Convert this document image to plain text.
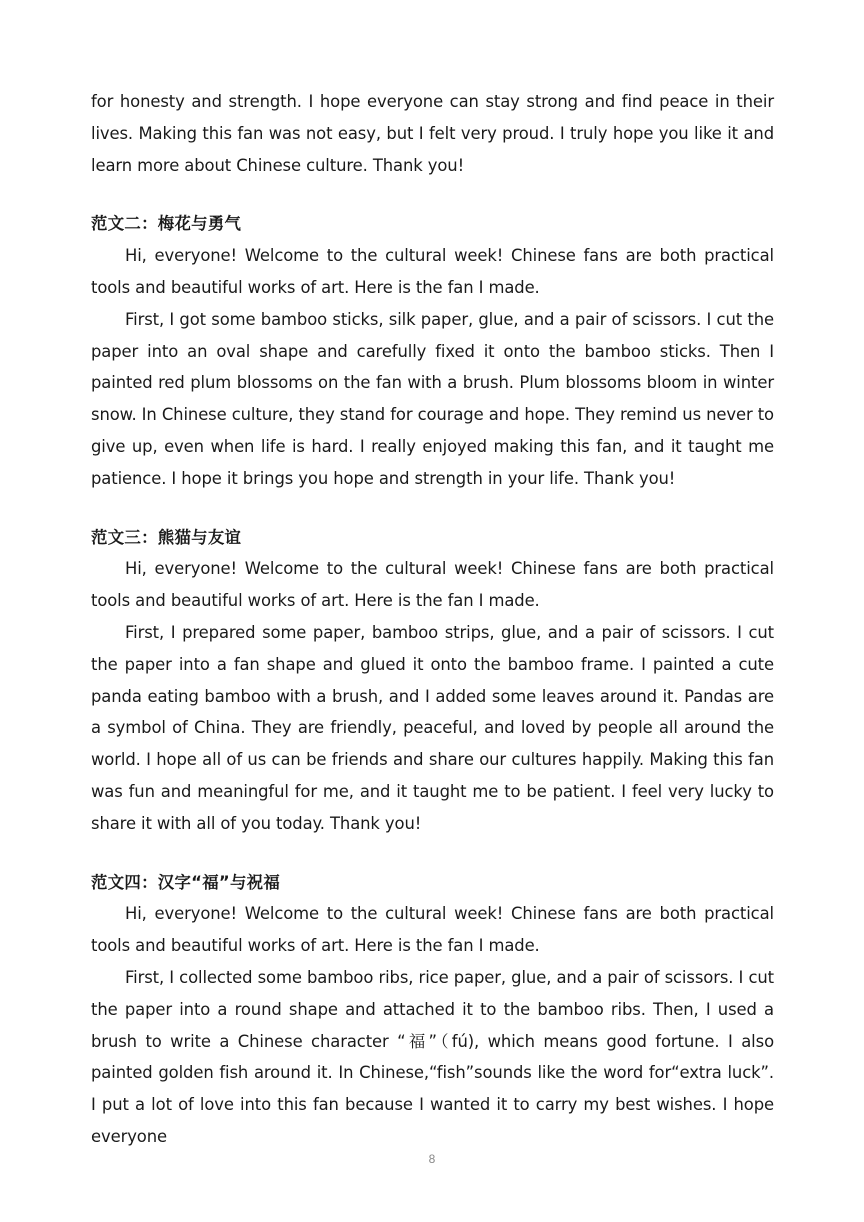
for honesty and strength. I hope everyone can stay strong and find peace in their lives. Making this fan was not easy, but I felt very proud. I truly hope you like it and learn more about Chinese culture. Thank you!

范文二：梅花与勇气

Hi, everyone! Welcome to the cultural week! Chinese fans are both practical tools and beautiful works of art. Here is the fan I made.

First, I got some bamboo sticks, silk paper, glue, and a pair of scissors. I cut the paper into an oval shape and carefully fixed it onto the bamboo sticks. Then I painted red plum blossoms on the fan with a brush. Plum blossoms bloom in winter snow. In Chinese culture, they stand for courage and hope. They remind us never to give up, even when life is hard. I really enjoyed making this fan, and it taught me patience. I hope it brings you hope and strength in your life. Thank you!

范文三：熊猫与友谊

Hi, everyone! Welcome to the cultural week! Chinese fans are both practical tools and beautiful works of art. Here is the fan I made.

First, I prepared some paper, bamboo strips, glue, and a pair of scissors. I cut the paper into a fan shape and glued it onto the bamboo frame. I painted a cute panda eating bamboo with a brush, and I added some leaves around it. Pandas are a symbol of China. They are friendly, peaceful, and loved by people all around the world. I hope all of us can be friends and share our cultures happily. Making this fan was fun and meaningful for me, and it taught me to be patient. I feel very lucky to share it with all of you today. Thank you!

范文四：汉字“福”与祝福

Hi, everyone! Welcome to the cultural week! Chinese fans are both practical tools and beautiful works of art. Here is the fan I made.

First, I collected some bamboo ribs, rice paper, glue, and a pair of scissors. I cut the paper into a round shape and attached it to the bamboo ribs. Then, I used a brush to write a Chinese character “福”（fú), which means good fortune. I also painted golden fish around it. In Chinese,“fish”sounds like the word for“extra luck”. I put a lot of love into this fan because I wanted it to carry my best wishes. I hope everyone

8
